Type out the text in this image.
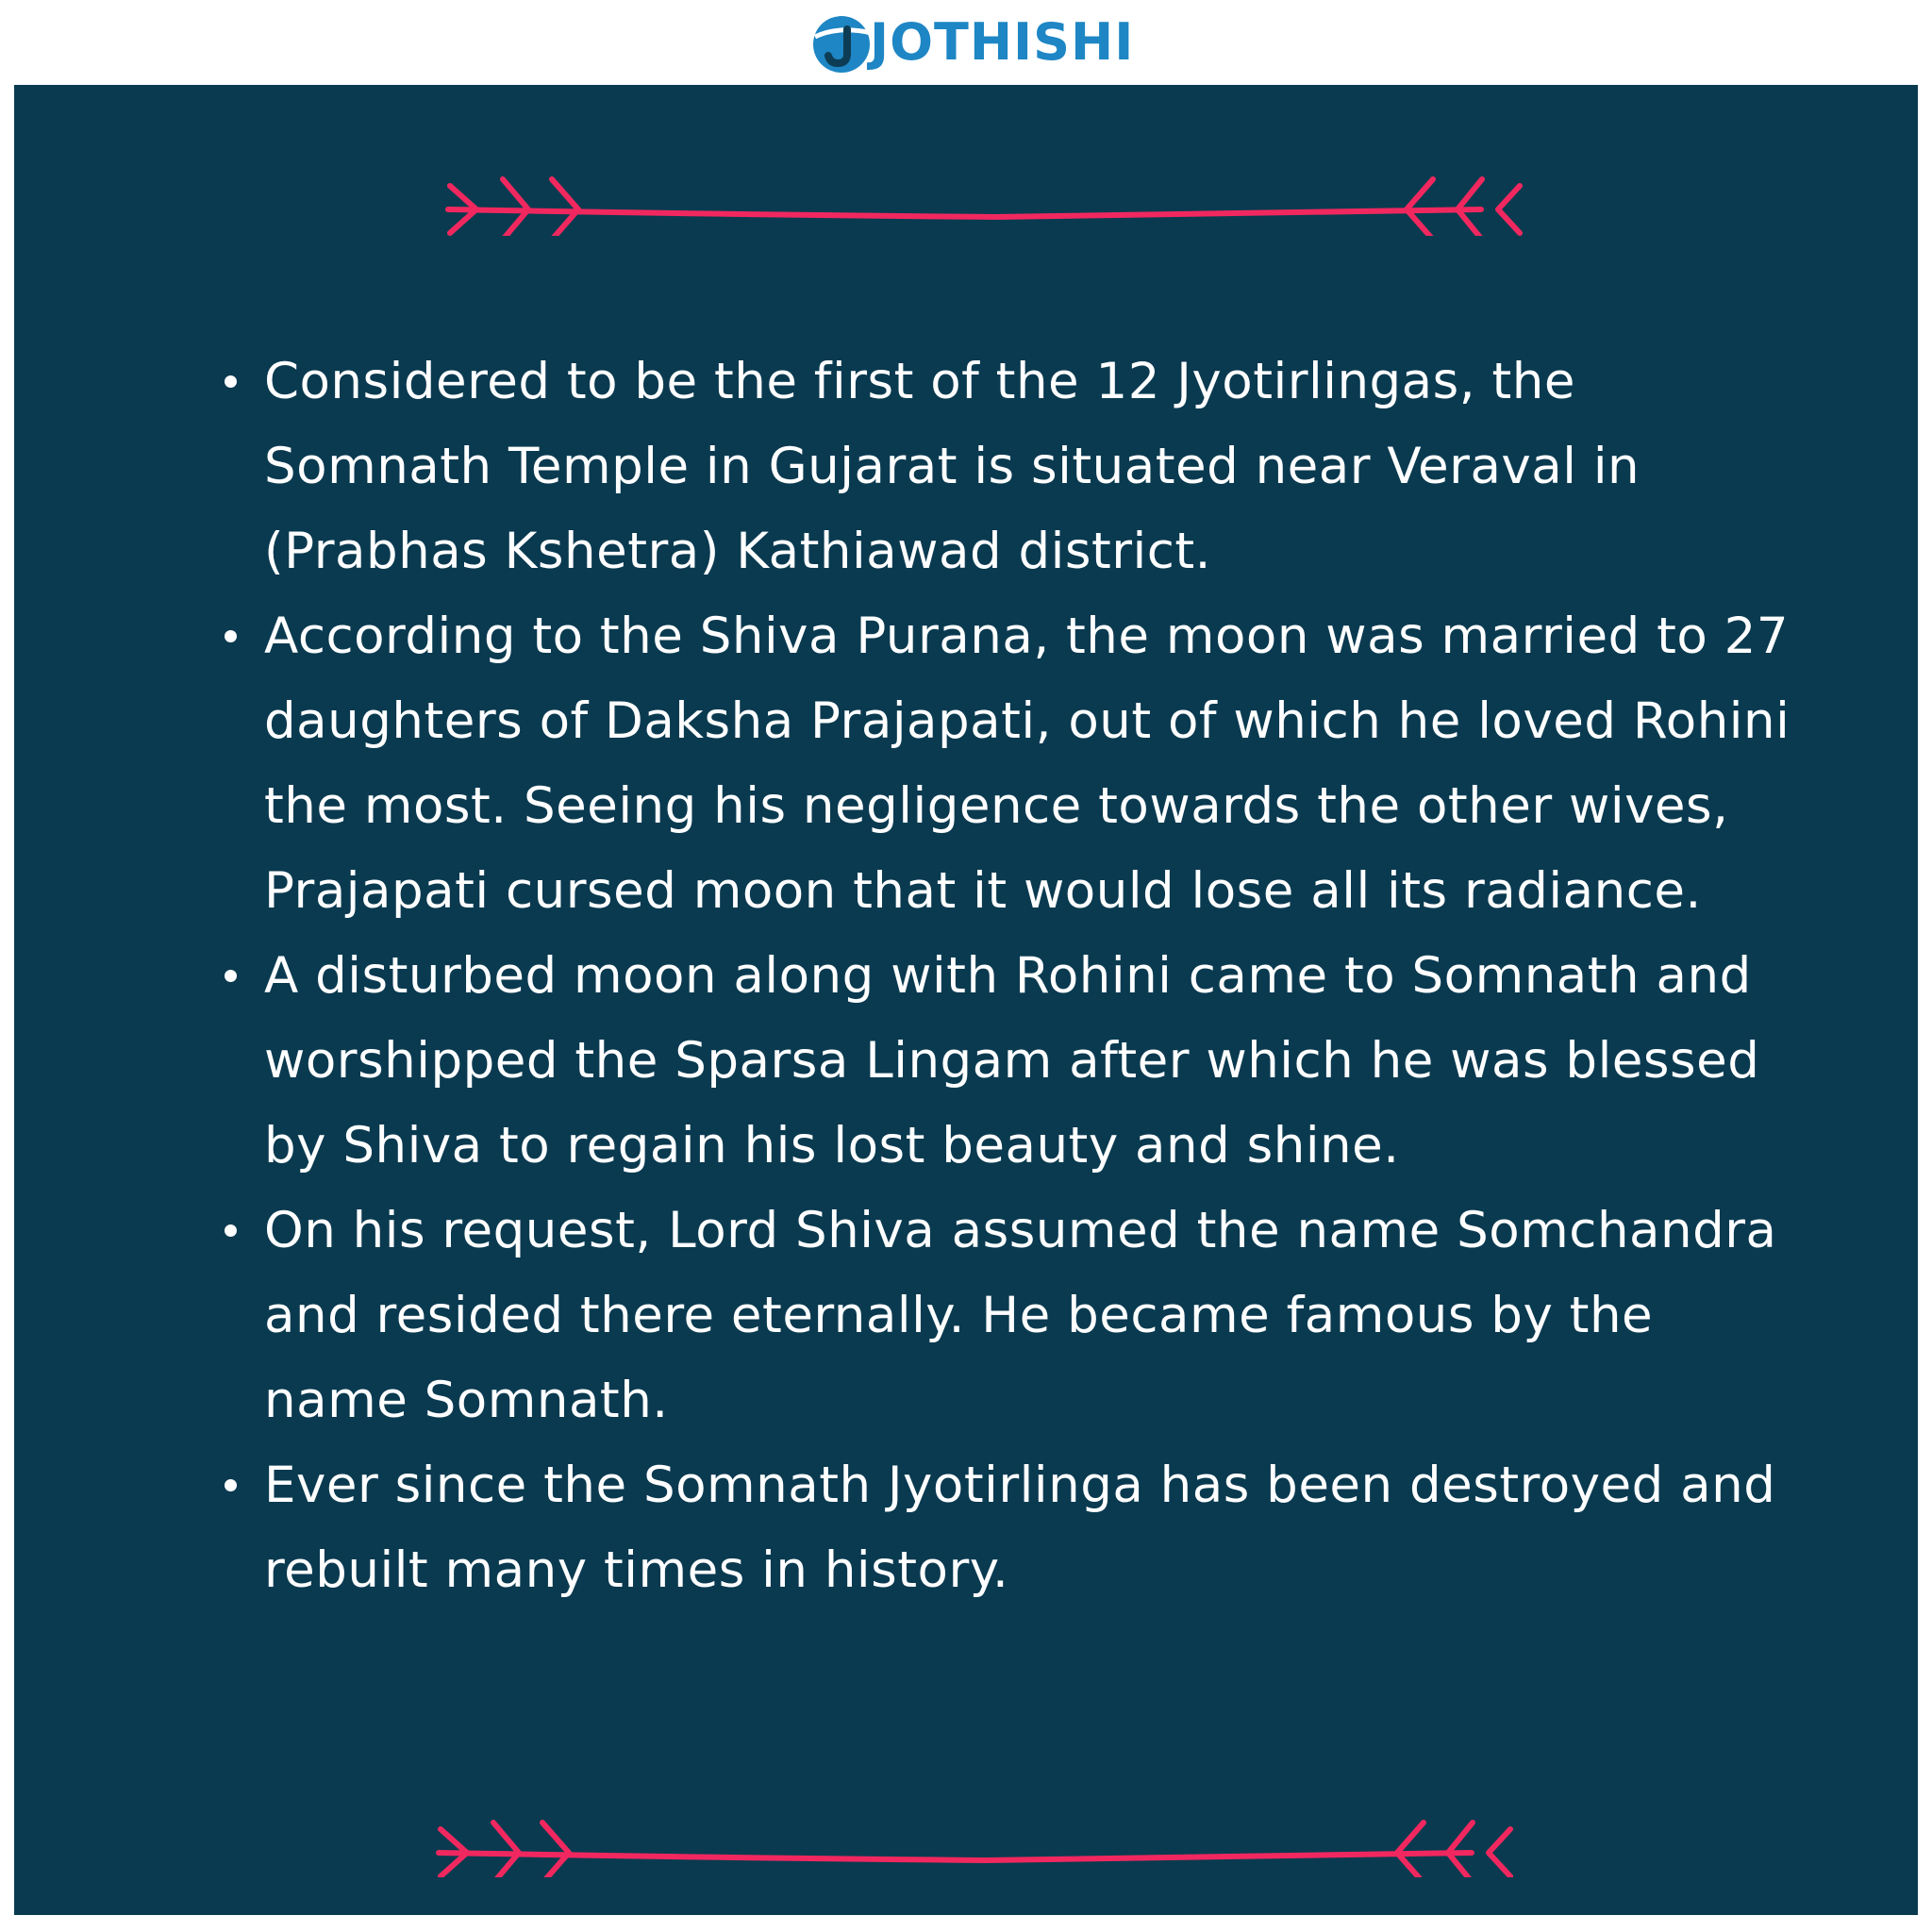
JOTHISHI
Considered to be the first of the 12 Jyotirlingas, the Somnath Temple in Gujarat is situated near Veraval in (Prabhas Kshetra) Kathiawad district.
According to the Shiva Purana, the moon was married to 27 daughters of Daksha Prajapati, out of which he loved Rohini the most. Seeing his negligence towards the other wives, Prajapati cursed moon that it would lose all its radiance.
A disturbed moon along with Rohini came to Somnath and worshipped the Sparsa Lingam after which he was blessed by Shiva to regain his lost beauty and shine.
On his request, Lord Shiva assumed the name Somchandra and resided there eternally. He became famous by the name Somnath.
Ever since the Somnath Jyotirlinga has been destroyed and rebuilt many times in history.
